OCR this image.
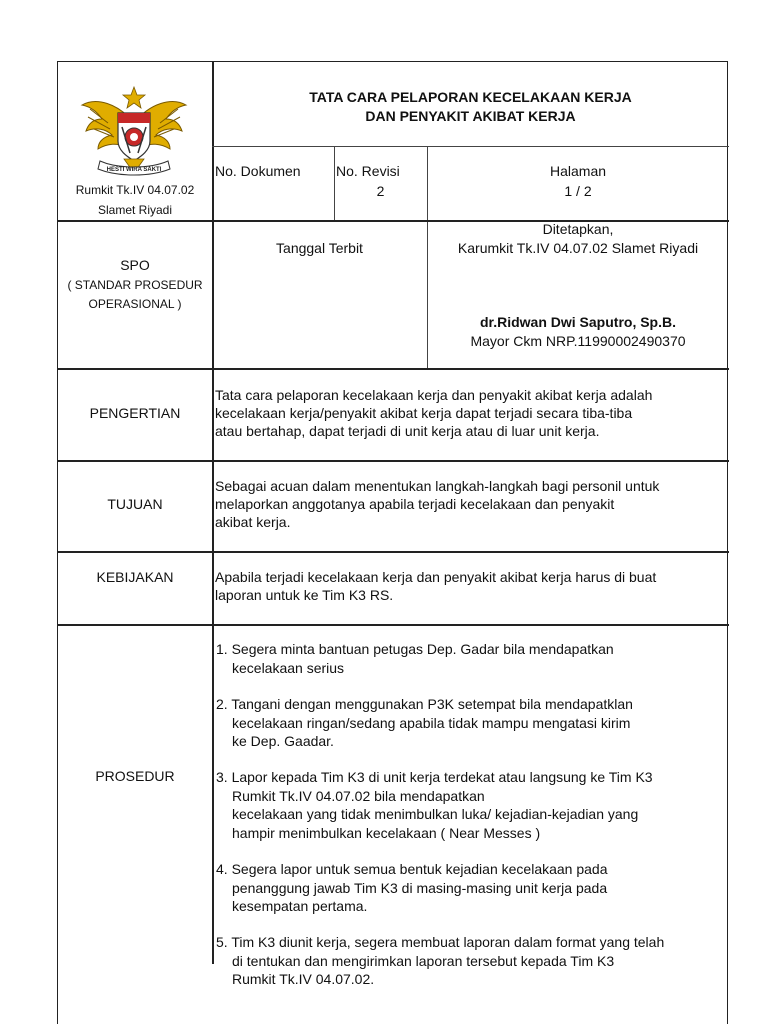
HESTI WIRA SAKTI
Rumkit Tk.IV 04.07.02
Slamet Riyadi
TATA CARA PELAPORAN KECELAKAAN KERJA
DAN PENYAKIT AKIBAT KERJA
No. Dokumen	No. Revisi
2
Halaman
1 / 2
SPO
( STANDAR PROSEDUR
OPERASIONAL )
Tanggal Terbit
Ditetapkan,
Karumkit Tk.IV 04.07.02 Slamet Riyadi
dr.Ridwan Dwi Saputro, Sp.B.
Mayor Ckm NRP.11990002490370
PENGERTIAN
Tata cara pelaporan kecelakaan kerja dan penyakit akibat kerja adalah
kecelakaan kerja/penyakit akibat kerja dapat terjadi secara tiba-tiba
atau bertahap, dapat terjadi di unit kerja atau di luar unit kerja.
TUJUAN
Sebagai acuan dalam menentukan langkah-langkah bagi personil untuk
melaporkan anggotanya apabila terjadi kecelakaan dan penyakit
akibat kerja.
KEBIJAKAN	Apabila terjadi kecelakaan kerja dan penyakit akibat kerja harus di buat
laporan untuk ke Tim K3 RS.
PROSEDUR
1. Segera minta bantuan petugas Dep. Gadar bila mendapatkan
kecelakaan serius
2. Tangani dengan menggunakan P3K setempat bila mendapatklan
kecelakaan ringan/sedang apabila tidak mampu mengatasi kirim
ke Dep. Gaadar.
3. Lapor kepada Tim K3 di unit kerja terdekat atau langsung ke Tim K3
Rumkit Tk.IV 04.07.02 bila mendapatkan
kecelakaan yang tidak menimbulkan luka/ kejadian-kejadian yang
hampir menimbulkan kecelakaan ( Near Messes )
4. Segera lapor untuk semua bentuk kejadian kecelakaan pada
penanggung jawab Tim K3 di masing-masing unit kerja pada
kesempatan pertama.
5. Tim K3 diunit kerja, segera membuat laporan dalam format yang telah
di tentukan dan mengirimkan laporan tersebut kepada Tim K3
Rumkit Tk.IV 04.07.02.
